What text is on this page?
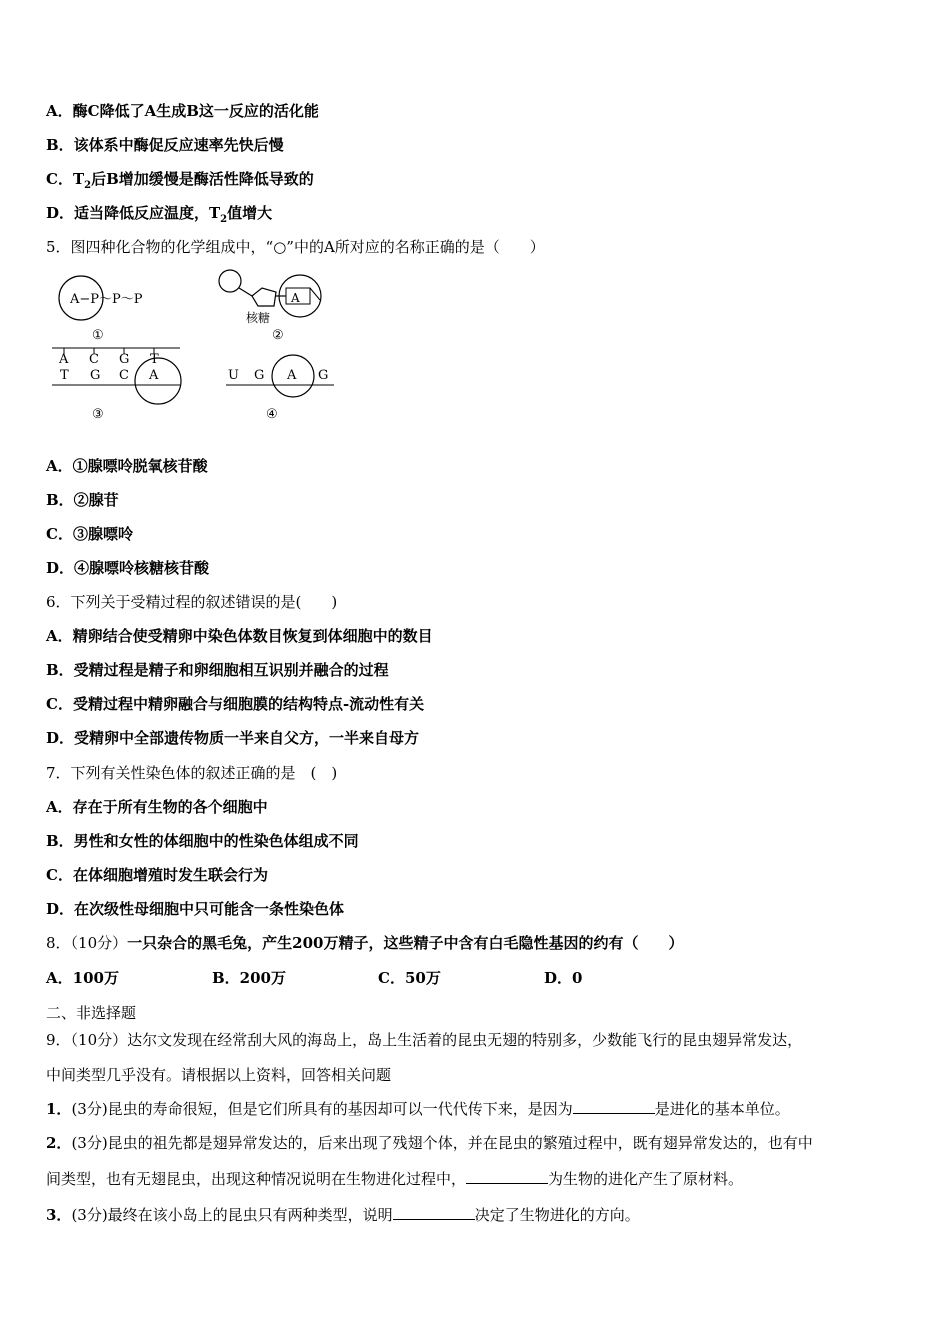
A．酶C降低了A生成B这一反应的活化能
B．该体系中酶促反应速率先快后慢
C．$T_2$后B增加缓慢是酶活性降低导致的
D．适当降低反应温度，$T_2$值增大
5．图四种化合物的化学组成中，“○”中的A所对应的名称正确的是（　　）
A−P～P～P
①
A
核糖
②
A C G T
T G C A
③
U G A G
④
A．①腺嘌呤脱氧核苷酸
B．②腺苷
C．③腺嘌呤
D．④腺嘌呤核糖核苷酸
6．下列关于受精过程的叙述错误的是(　　)
A．精卵结合使受精卵中染色体数目恢复到体细胞中的数目
B．受精过程是精子和卵细胞相互识别并融合的过程
C．受精过程中精卵融合与细胞膜的结构特点-流动性有关
D．受精卵中全部遗传物质一半来自父方，一半来自母方
7．下列有关性染色体的叙述正确的是　(　)
A．存在于所有生物的各个细胞中
B．男性和女性的体细胞中的性染色体组成不同
C．在体细胞增殖时发生联会行为
D．在次级性母细胞中只可能含一条性染色体
8．（10分）一只杂合的黑毛兔，产生200万精子，这些精子中含有白毛隐性基因的约有（　　）
A．100万	B．200万	C．50万	D．0
二、非选择题
9．（10分）达尔文发现在经常刮大风的海岛上，岛上生活着的昆虫无翅的特别多，少数能飞行的昆虫翅异常发达，
中间类型几乎没有。请根据以上资料，回答相关问题
1．(3分)昆虫的寿命很短，但是它们所具有的基因却可以一代代传下来，是因为	是进化的基本单位。
2．(3分)昆虫的祖先都是翅异常发达的，后来出现了残翅个体，并在昆虫的繁殖过程中，既有翅异常发达的，也有中
间类型，也有无翅昆虫，出现这种情况说明在生物进化过程中，	为生物的进化产生了原材料。
3．(3分)最终在该小岛上的昆虫只有两种类型，说明	决定了生物进化的方向。
